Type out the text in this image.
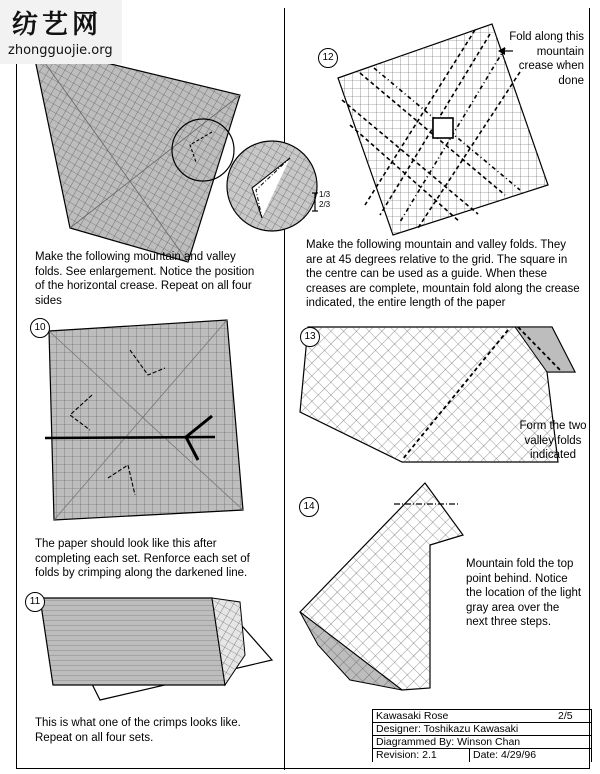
纺艺网
zhongguojie.org
1/3
2/3
10
11
12
13
14
Make the following mountain and valley folds. See enlargement. Notice the position of the horizontal crease. Repeat on all four sides
The paper should look like this after completing each set. Renforce each set of folds by crimping along the darkened line.
This is what one of the crimps looks like. Repeat on all four sets.
Fold along this mountain crease when done
Make the following mountain and valley folds. They are at 45 degrees relative to the grid. The square in the centre can be used as a guide. When these creases are complete, mountain fold along the crease indicated, the entire length of the paper
Form the two valley folds indicated
Mountain fold the top point behind. Notice the location of the light gray area over the next three steps.
Kawasaki Rose	2/5
Designer: Toshikazu Kawasaki
Diagrammed By: Winson Chan
Revision: 2.1	Date: 4/29/96
